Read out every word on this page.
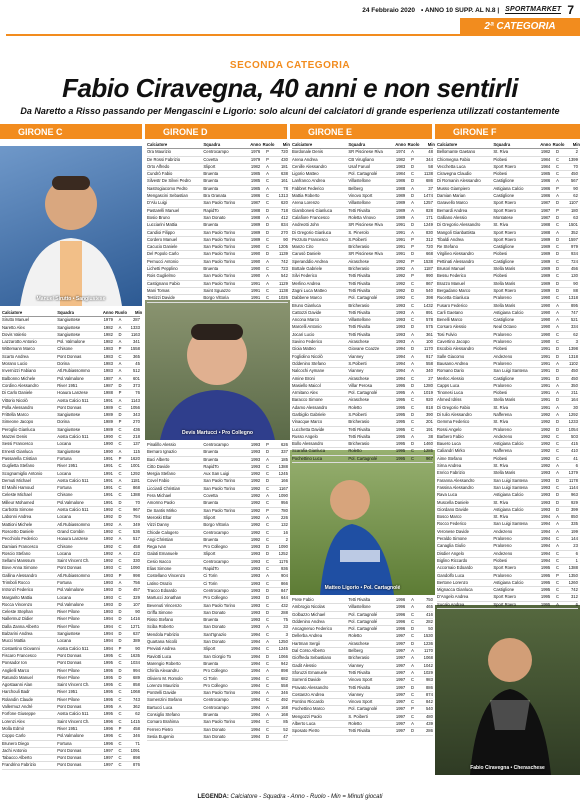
24 Febbraio 2020 • ANNO 10 SUPP. AL N.8 | SPORTMARKET 7
2ª CATEGORIA
SECONDA CATEGORIA
Fabio Ciravegna, 40 anni e non sentirli
Da Naretto a Risso passando per Mengascini e Ligorio: solo alcuni dei calciatori di grande esperienza utilizzati costantemente
GIRONE C	GIRONE D	GIRONE E	GIRONE F
Manuel Sirutto • Sangiustese
Devis Martucci • Pro Collegno
Matteo Ligorio • Pol. Cartagnolé
Fabio Ciravegna • Cheraschese
Calciatore	Squadra	Anno Ruolo	Min
Sirutto Manuel	Sangiustese	1979	A	287
Naretto Alex	Sangiustese	1982	A	1333
Dovis Valerio	Sangiustese	1982	D	1163
Lazzarotto Antonio	Pol. Valmalone	1982	A	341
Wittemann Marco	Chisone	1983	P	1558
Scarto Andrea	Pont Donnas	1983	C	365
Morano Lucio	Dorina	1983	A	45
Invernizzi Fabiano	Atl.Rubiassommo	1983	A	512
Balbonno Michele	Pol.Valmalone	1987	A	601
Cordino Alessandro	River 1951	1987	D	373
Di Carlo Daniele	Hoaura Lanzese	1988	P	76
Vittorio Nicolò	Aosta Calcio 511	1991	A	1143
Polla Alessandro	Pont Donnas	1989	C	1056
Frittella Marco	Sangiustese	1989	D	343
Simeone Jacopo	Dorina	1989	P	270
Peroglio Gianluca	Sangiustese	1989	C	436
Mazzei Denis	Aosta Calcio 511	1990	C	218
Sessi Francesco	Locana	1990	C	137
Ernesti Gianluca	Sangiustese	1990	A	115
Passarella Cristian	Fortuna	1991	P	1620
Guglietta Stefano	River 1951	1991	C	1001
Scognamiglio Antonio	Locana	1991	C	1292
Demuti Michael	Aosta Calcio 511	1991	A	1181
El Maihi Hamoud	Fortuna	1991	C	868
Celeste Michael	Chisone	1991	C	1388
Milleur Mohamed	Pol.Valmalone	1991	D	70
Carbotto Simone	Aosta Calcio 511	1992	C	967
Labonni Andrea	Locana	1992	D	794
Mattioni Michele	Atl.Rubiassommo	1992	A	349
Roscetto Daniele	Grand Combin	1992	C	536
Pecchiolo Federico	Hoaura Lanzese	1992	A	517
Damiani Francesco	Chisone	1992	C	458
Roscio Stefano	Locana	1992	A	422
Sellami Manssum	Saint Vincent Ch.	1992	C	330
Bove Anna Simone	Pont Donnas	1993	C	1090
Gallina Alessandro	Atl.Rubiassommo	1993	P	998
Trimboli Rocco	Fortuna	1993	A	756
Intronzi Federico	Pol.Valmalone	1993	D	457
Margarito Mattia	Locana	1993	C	329
Rocca Vincenzo	Pol.Valmalone	1993	D	107
Celeste Stephan	River Pilone	1993	D	90
Nallermuz Didier	River Pilone	1994	D	1416
Dalla Zanna Alberto	River Pilone	1994	C	1271
Balzarini Andrea	Sangiustese	1994	D	637
Mucci Mattia	Locana	1994	D	389
Costantino Giovanni	Aosta Calcio 511	1994	P	90
Fiscaro Francesco	Pont Donnas	1995	C	1635
Ponsador Ion	Pont Donnas	1995	C	1034
Anglielli Marco	River Pilone	1995	D	994
Ratundo Manuel	River Pilone	1995	D	689
Agostaanni Alan	Saint Vincent Ch.	1995	C	858
Harchouli Badr	River 1951	1995	C	1068
Rolandin Claude	River Pilone	1995	C	743
Vallermuz André	Pont Donnas	1995	A	362
Forfone Giuseppe	Aosta Calcio 511	1995	C	62
Lorenzi Alex	Saint Vincent Ch.	1996	C	1415
Molla Edmir	River 1951	1996	P	458
Coppo Carlo	Pol.Valmalone	1996	C	346
Brunero Diego	Fortuna	1996	C	71
Jachi Antonio	Pont Donnas	1997	C	1091
Tabacco Alberto	Pont Donnas	1997	C	898
Frandrino Fabrizio	Pont Donnas	1997	C	876
Calciatore	Squadra	Anno Ruolo	Min
Ora Maurizio	Centrocampo	1976	P	720
De Rossi Fabrizio	Covetta	1979	P	430
Orto Alfredo	Sliport	1982	A	181
Cundrò Fabio	Bruenta	1985	A	638
Silvestr De Silvei Pedro	Bruenta	1985	C	161
Nastrogiacomo Pedro	Bruenta	1985	A	78
Mengascini Sebastian	Bra Granata	1986	C	1313
D'Alu Luigi	San Paolo Torino	1987	C	620
Pastarelli Manuel	RapidTo	1988	D	718
Bosio Bruno	San Donato	1988	A	412
Lucciarini Mattia	Bruenta	1989	D	834
Candioi Filippo	San Paolo Torino	1989	D	270
Cordero Manuel	San Paolo Torino	1989	C	90
Cacucio Daniele	San Paolo Torino	1990	C	1205
Del Popolo Carlo	San Paolo Torino	1990	D	1139
Pernucci Antonio	San Paolo Torino	1990	A	742
Lichetti Pepplino	Bruenta	1990	C	723
Rois Guglielmo	San Paolo Torino	1990	A	542
Castignano Fabio	San Paolo Torino	1991	A	1129
Mani Tomas	Saint Sguazzo	1991	C	1138
Testizzi Davide	Borgo Vittoria	1991	C	1026
Pinalillo Alessio	Centrocampo	1993	P	626
Bernaro Ignazio	Bruenta	1993	D	337
Baci Alberto	Bruenta	1993	A	185
Citto Davide	RapidTo	1993	C	1388
Mergia Stefano	Aux San Luigi	1992	C	1245
Covel Fabio	San Paolo Torino	1992	D	166
Licciardi Christian	San Paolo Torino	1992	C	1167
Fera Michael	Covetta	1992	A	1090
Amormo Paolo	Bruenta	1992	C	956
De Santis Mirko	San Paolo Torino	1992	P	780
Meroski Eltar	Sliport	1992	A	226
Vizzi Danny	Borgo Vittoria	1992	C	132
Chiode Calogero	Centrocampo	1992	C	16
Angi Christian	Bruenta	1992	C	2
Rega Ivan	Pro Collegno	1993	D	1090
Galati Emanuele	Sliport	1993	D	1252
Cesio Isacco	Centrocampo	1993	C	1176
Elias Simone	RapidTo	1993	C	936
Costellano Vincenzo	Ci Torin	1993	A	904
Latino Orazio	Ci Torin	1993	C	866
Tracco Edoardo	Centrocampo	1993	D	847
Martucci Jonathan	Pro Collegno	1993	D	644
Bevenuti Vincenzo	San Paolo Torino	1993	C	432
Griffa Simone	San Donato	1993	D	288
Risso Stefano	Bruenta	1993	C	75
Sciba Roberto	San Donato	1993	A	33
Mendola Fabrizio	Sant'Ignazio	1994	C	3
Quartana Nicolò	San Donato	1994	A	1250
Previati Andrea	Sliport	1994	C	1245
Raviotti Luca	San Giorgio To	1994	D	1066
Marengio Roberto	Bruenta	1994	C	942
Chirila Alexandru	Pro Collegno	1994	A	898
Oliviero M. Romolo	Ci Torin	1994	C	682
Lorenzo Maurizio	Pro Collegno	1994	C	558
Pontrelli Davide	San Paolo Torino	1994	A	346
Somenzini Stefano	Centrocampo	1994	C	492
Bartucci Luca	Centrocampo	1994	A	168
Consiglio Stefano	Bruenta	1994	A	168
Comaro Brahima	San Paolo Torino	1994	C	85
Ferrero Pietro	San Donato	1994	C	52
Sesia Eugenio	San Donato	1994	D	47
Calciatore	Squadra	Anno Ruolo	Min
Bordonale Denis	SR Piscinese Riva	1974	A	48
Arena Andrea	CB Virugliano	1982	P	344
Cenille Alessandro	Usaf Faruol	1983	D	58
Ligorio Matteo	Pol. Cartagnolé	1984	C	1138
Lanfranco Andrea	Villastellone	1986	D	686
Fabbret Federico	Belberg	1988	A	37
Mattia Roberto	Vinovo Sport	1989	D	1474
Arena Lorenzo	Villastellone	1989	A	1257
Giambonesi Gianluca	Tetti Rivalta	1989	A	828
Calafiore Francesco	Roletta Vinovo	1989	A	171
Andreotti John	SR Piscinese Riva	1991	D	1249
Di Gregorio Gianluca	S. Pinerolo	1991	A	830
Pezzuto Francesco	S.Poiberti	1991	P	312
Manzo Ciro	Bricherasio	1991	P	720
Carusò Daniele	SR Piscinese Riva	1991	D	668
Speranddio Andrea	Airaschese	1992	P	1538
Bottale Gabriele	Bricherasio	1992	A	1187
Silvi Federico	Tetti Rivalta	1992	P	990
Merlino Andrea	Tetti Rivalta	1992	C	867
Zagni Luca Matteo	Tetti Rivalta	1992	D	540
Dabbene Marco	Pol. Cartagnolé	1992	C	398
Bruno Gianluca	Bricherasio	1993	C	1432
Cattozzi Davide	Tetti Rivalta	1993	A	891
Ancona Marco	Villastellone	1993	C	578
Marcelli Antonio	Tetti Rivalta	1993	D	575
Jocari Lucio	Tetti Rivalta	1993	A	361
Savino Federico	Airaschese	1993	A	100
Gioia Matteo	Giovane Coazze	1994	D	1170
Fogliolino Nicolò	Vianney	1994	A	917
Oddenino Stefano	S.Poiberti	1994	A	558
Nalcochi Aymane	Vianney	1994	A	340
Amine Broni	Airaschese	1994	C	27
Masiello Maicol	Villar Perosa	1995	D	1280
Armitano Alex	Pol. Cartagnolé	1995	A	1019
Baracco Simone	Airaschese	1995	C	920
Adamo Alessandro	Roletto	1995	C	818
Garbiglio Gabriele	S.Poiberti	1995	D	390
Vinacque Marco	Bricherasio	1995	C	201
Lucchetta Davide	Tetti Rivalta	1995	C	191
Russo Angelo	Tetti Rivalta	1995	A	38
Bollo Alessandro	Bricherasio	1995	D	1460
Scarafia Gianluca	Roletto	1995	C	1285
Pochettino Luca	Pol. Cartagnolé	1995	C	967
Prete Fabio	Tetti Rivalta	1996	A	750
Ambrogio Nicolas	Villastellone	1996	A	465
Golbazzo Michael	Pol. Cartagnolé	1996	C	416
Oddenino Andrea	Pol. Cartagnolé	1996	C	282
Ancagneruo Federico	Pol. Cartagnolé	1996	D	50
Dellerba Andrea	Roletto	1997	C	1530
Hartman Sergii	Airaschese	1997	D	1236
Dal Corso Alberto	Belberg	1997	A	1170
Gioffreda Sebastiano	Bricherasio	1997	A	1068
Gadit Alessio	Vianney	1997	A	1042
Sforuzzi Emanuele	Tetti Rivalta	1997	A	1029
Sorrenti Davide	Vinovo Sport	1997	C	983
Pravato Alessandro	Tetti Rivalta	1997	D	886
Costanzo Andrea	Vianney	1997	C	874
Pontino Riccardo	Vinovo Sport	1997	C	842
Pochettino Marco	Pol. Cartagnolé	1997	P	540
Mengozzi Paolo	S. Poiberti	1997	C	480
Alberto Luca	Roletto	1997	A	439
Sposato Pietro	Tetti Rivalta	1997	D	286
Calciatore	Squadra	Anno Ruolo	Min
Bellomante Gaetano	St. Riva	1982	D	2
Chiomegna Fabio	Piobesi	1984	C	1399
Vecchetta Luca	Sport Roero	1984	C	70
Ciravegna Claudio	Piobesi	1985	C	450
Di Romanin Alessandro	Castiglione	1986	A	567
Musso Giampiero	Astigiana Calcio	1986	P	90
Damian Marian	Castiglione	1986	A	62
Garavello Marco	Sport Roero	1987	D	1107
Bernardi Andrea	Sport Roero	1987	P	180
Galliano Alessio	Montatese	1987	D	63
Di Gregorio Alessandro	St. Riva	1988	C	1501
Mangoli Gianbattista	Sport Roero	1988	A	352
Tibaldi Andrea	Sport Roero	1989	D	1597
Re Stefano	Castiglione	1989	C	979
Virgilieo Alessandro	Piobesi	1989	D	934
Pettinati Alessandro	Castiglione	1989	C	724
Brusori Manuel	Stella Maris	1989	D	456
Bessu Federico	Piobesi	1989	C	130
Brazzo Manuel	Stella Maris	1989	D	90
Bergadano Marco	Sport Roero	1989	D	88
Rucetta Gianluca	Praloreno	1990	C	1318
Fusaro Federico	Stella Maris	1990	A	895
Carli Gaetano	Astigiana Calcio	1990	A	747
Benelli Marco	Castiglione	1990	A	521
Corsaro Alessio	Neal Octavo	1990	A	334
Tosi Fulvio	Praloreno	1990	C	62
Cavertino Jacopo	Praloreno	1990	C	3
Escobio Alessandro	Piobesi	1991	D	1398
Salle Giacomo	Andezeno	1991	D	1318
Bausano Andrea	Praloreno	1991	A	1102
Romano Dario	San Luigi Santena	1991	D	450
Merloc Alessio	Castiglione	1991	D	450
Capps Luca	Praloreno	1991	A	350
Tinonesi Luca	Piobesi	1991	A	211
Ahmed Idriss	Stella Maris	1991	D	164
Di Gregorio Fabio	St. Riva	1991	A	30
Di Iulio Alessandro	Nafferena	1992	A	1292
Gemma Federico	St. Riva	1992	D	1233
Rossi Angelo	Praloreno	1992	D	1054
Barbero Fabio	Andezeno	1992	C	503
Bauero Luca	Astigiana Calcio	1992	C	415
Caliandri Mirko	Nafferena	1992	C	410
Aime Stefano	Piobesi	1992	C	41
Sirna Andrea	St. Riva	1992	A	6
Enrico Fabrizio	Stella Maris	1993	A	1379
Faranna Alessandro	San Luigi Santena	1993	D	1178
Fassina Alessandro	San Luigi Santena	1993	C	1144
Rava Luca	Astigiana Calcio	1993	D	963
Muscella Daniele	St. Riva	1993	D	929
Giordano Davide	Astigiana Calcio	1993	D	399
Bosco Marco	St. Riva	1994	A	850
Rocco Federico	San Luigi Santena	1994	A	335
Veronese Davide	Andezeno	1994	A	199
Peraldo Simone	Praloreno	1994	C	144
Canaglia Giulio	Praloreno	1994	A	23
Disdier Angelo	Andezeno	1994	C	6
Biglino Riccardo	Piobesi	1994	C	1
Accornaio Edoardo	Sport Roero	1995	C	1388
Gandolfo Luca	Praloreno	1995	P	1350
Bertone Lorenzo	Astigiana Calcio	1995	C	1260
Mignacca Gianluca	Castiglione	1995	C	742
D'Angelo Andrea	Sport Roero	1995	C	312
Sucalo Andrea	Sport Roero	1995	A	6
LEGENDA: Calciatore - Squadra - Anno - Ruolo - Min = Minuti giocati
